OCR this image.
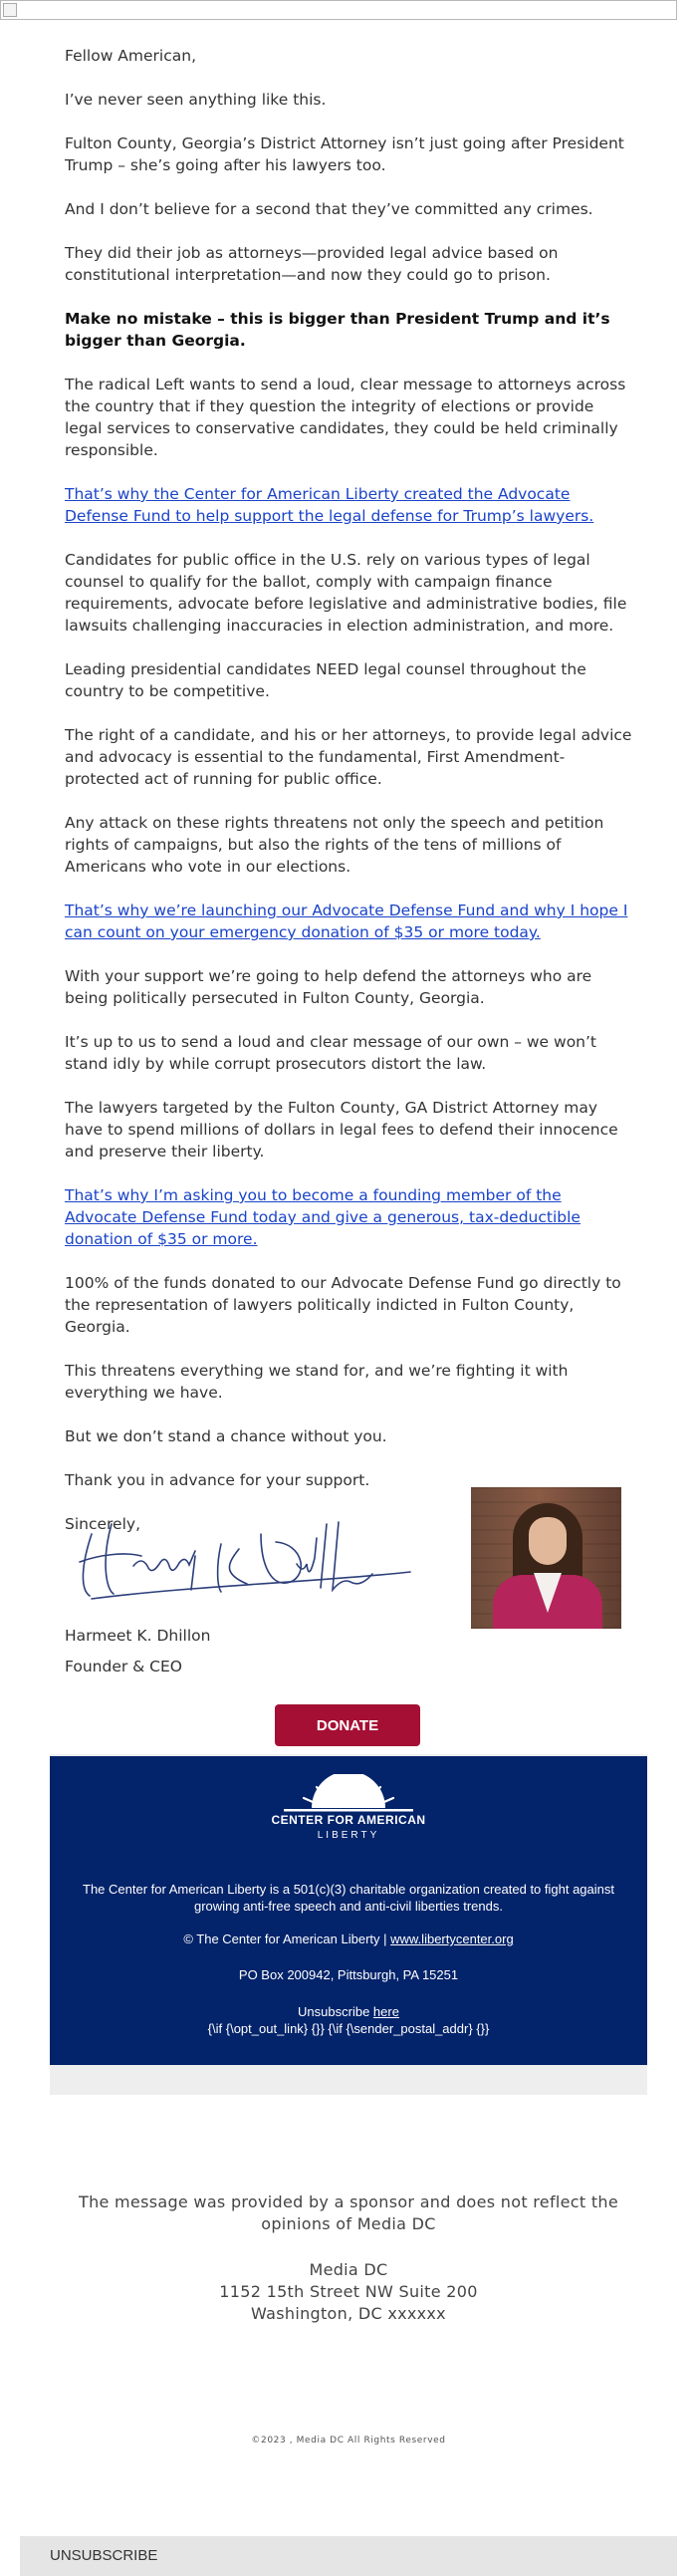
Fellow American,

I’ve never seen anything like this.

Fulton County, Georgia’s District Attorney isn’t just going after President Trump – she’s going after his lawyers too.

And I don’t believe for a second that they’ve committed any crimes.

They did their job as attorneys—provided legal advice based on constitutional interpretation—and now they could go to prison.

Make no mistake – this is bigger than President Trump and it’s bigger than Georgia.

The radical Left wants to send a loud, clear message to attorneys across the country that if they question the integrity of elections or provide legal services to conservative candidates, they could be held criminally responsible.

That’s why the Center for American Liberty created the Advocate Defense Fund to help support the legal defense for Trump’s lawyers.

Candidates for public office in the U.S. rely on various types of legal counsel to qualify for the ballot, comply with campaign finance requirements, advocate before legislative and administrative bodies, file lawsuits challenging inaccuracies in election administration, and more.

Leading presidential candidates NEED legal counsel throughout the country to be competitive.

The right of a candidate, and his or her attorneys, to provide legal advice and advocacy is essential to the fundamental, First Amendment-protected act of running for public office.

Any attack on these rights threatens not only the speech and petition rights of campaigns, but also the rights of the tens of millions of Americans who vote in our elections.

That’s why we’re launching our Advocate Defense Fund and why I hope I can count on your emergency donation of $35 or more today.

With your support we’re going to help defend the attorneys who are being politically persecuted in Fulton County, Georgia.

It’s up to us to send a loud and clear message of our own – we won’t stand idly by while corrupt prosecutors distort the law.

The lawyers targeted by the Fulton County, GA District Attorney may have to spend millions of dollars in legal fees to defend their innocence and preserve their liberty.

That’s why I’m asking you to become a founding member of the Advocate Defense Fund today and give a generous, tax-deductible donation of $35 or more.

100% of the funds donated to our Advocate Defense Fund go directly to the representation of lawyers politically indicted in Fulton County, Georgia.

This threatens everything we stand for, and we’re fighting it with everything we have.

But we don’t stand a chance without you.

Thank you in advance for your support.

Sincerely,

Harmeet K. Dhillon
Founder & CEO
DONATE
CENTER FOR AMERICAN
LIBERTY
The Center for American Liberty is a 501(c)(3) charitable organization created to fight against growing anti-free speech and anti-civil liberties trends.
© The Center for American Liberty | www.libertycenter.org
PO Box 200942, Pittsburgh, PA 15251
Unsubscribe here
{\if {\opt_out_link} {}} {\if {\sender_postal_addr} {}}
The message was provided by a sponsor and does not reflect the opinions of Media DC
Media DC
1152 15th Street NW Suite 200
Washington, DC xxxxxx
©2023 , Media DC All Rights Reserved
UNSUBSCRIBE
